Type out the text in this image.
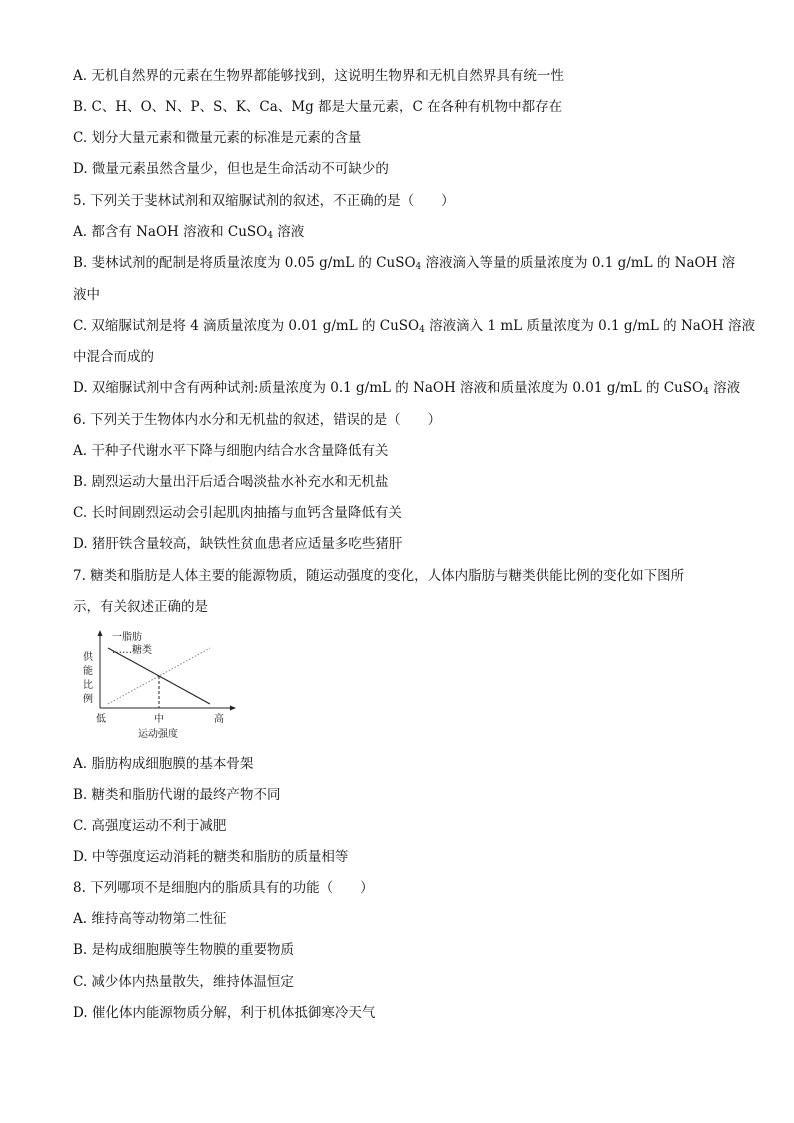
A. 无机自然界的元素在生物界都能够找到，这说明生物界和无机自然界具有统一性
B. C、H、O、N、P、S、K、Ca、Mg 都是大量元素，C 在各种有机物中都存在
C. 划分大量元素和微量元素的标准是元素的含量
D. 微量元素虽然含量少，但也是生命活动不可缺少的
5. 下列关于斐林试剂和双缩脲试剂的叙述，不正确的是（　　）
A. 都含有 NaOH 溶液和 CuSO$_4$ 溶液
B. 斐林试剂的配制是将质量浓度为 0.05 g/mL 的 CuSO$_4$ 溶液滴入等量的质量浓度为 0.1 g/mL 的 NaOH 溶
液中
C. 双缩脲试剂是将 4 滴质量浓度为 0.01 g/mL 的 CuSO$_4$ 溶液滴入 1 mL 质量浓度为 0.1 g/mL 的 NaOH 溶液
中混合而成的
D. 双缩脲试剂中含有两种试剂:质量浓度为 0.1 g/mL 的 NaOH 溶液和质量浓度为 0.01 g/mL 的 CuSO$_4$ 溶液
6. 下列关于生物体内水分和无机盐的叙述，错误的是（　　）
A. 干种子代谢水平下降与细胞内结合水含量降低有关
B. 剧烈运动大量出汗后适合喝淡盐水补充水和无机盐
C. 长时间剧烈运动会引起肌肉抽搐与血钙含量降低有关
D. 猪肝铁含量较高，缺铁性贫血患者应适量多吃些猪肝
7. 糖类和脂肪是人体主要的能源物质，随运动强度的变化，人体内脂肪与糖类供能比例的变化如下图所
示，有关叙述正确的是
一脂肪
……糖类
供
能
比
例
低	中	高
运动强度
A. 脂肪构成细胞膜的基本骨架
B. 糖类和脂肪代谢的最终产物不同
C. 高强度运动不利于减肥
D. 中等强度运动消耗的糖类和脂肪的质量相等
8. 下列哪项不是细胞内的脂质具有的功能（　　）
A. 维持高等动物第二性征
B. 是构成细胞膜等生物膜的重要物质
C. 减少体内热量散失，维持体温恒定
D. 催化体内能源物质分解，利于机体抵御寒冷天气
